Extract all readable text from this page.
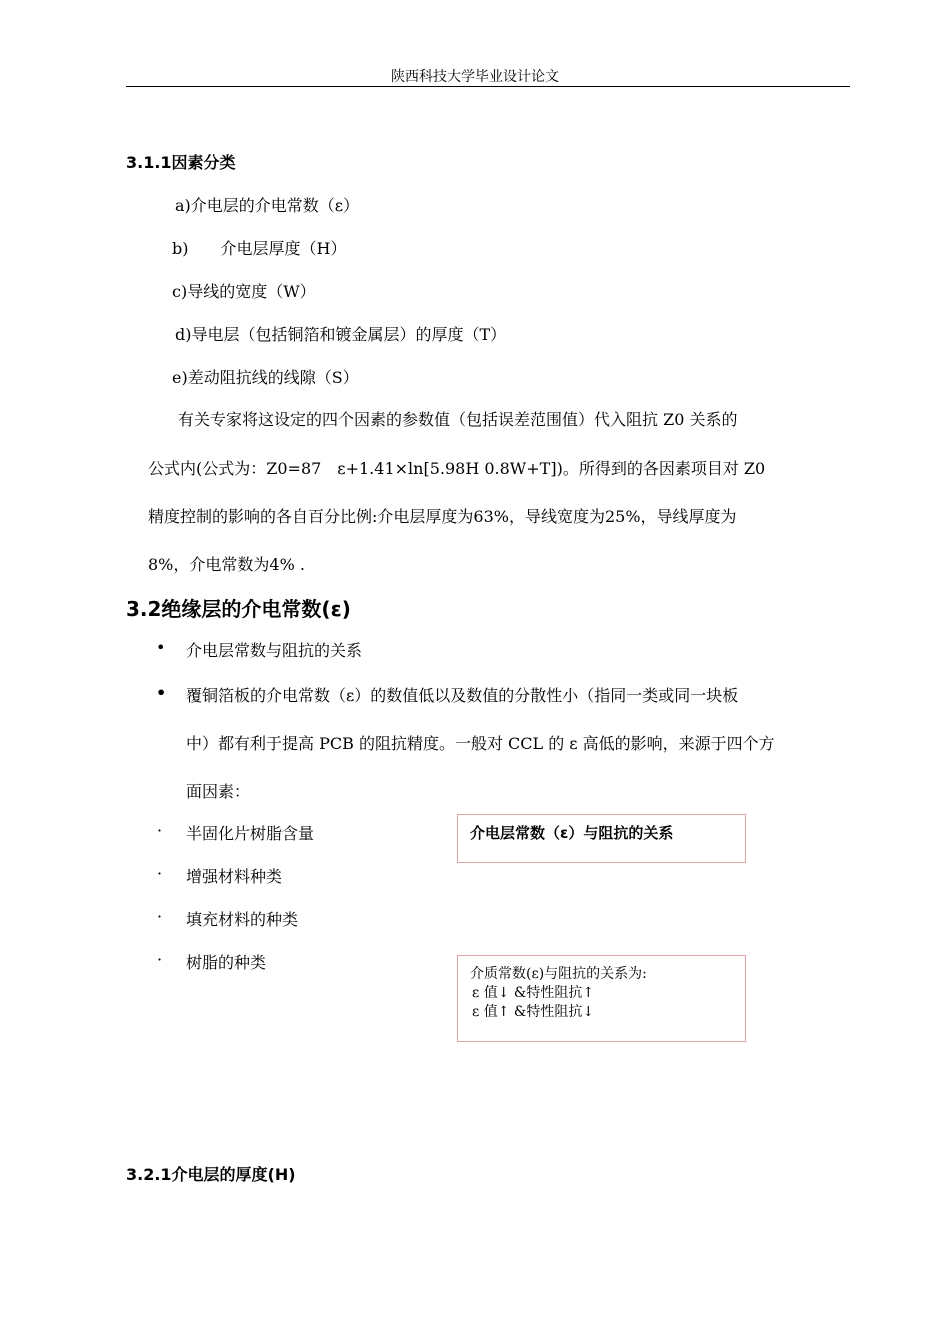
陕西科技大学毕业设计论文
3.1.1因素分类
a)介电层的介电常数（ε）
b)　　介电层厚度（H）
c)导线的宽度（W）
d)导电层（包括铜箔和镀金属层）的厚度（T）
e)差动阻抗线的线隙（S）
有关专家将这设定的四个因素的参数值（包括误差范围值）代入阻抗 Z0 关系的
公式内(公式为：Z0=87　ε+1.41×ln[5.98H 0.8W+T])。所得到的各因素项目对 Z0
精度控制的影响的各自百分比例:介电层厚度为63%，导线宽度为25%，导线厚度为
8%，介电常数为4% .
3.2绝缘层的介电常数(ε)
• 介电层常数与阻抗的关系
• 覆铜箔板的介电常数（ε）的数值低以及数值的分散性小（指同一类或同一块板
中）都有利于提高 PCB 的阻抗精度。一般对 CCL 的 ε 高低的影响，来源于四个方
面因素：
· 半固化片树脂含量
· 增强材料种类
· 填充材料的种类
· 树脂的种类
介电层常数（ε）与阻抗的关系
介质常数(ε)与阻抗的关系为:
ε 值↓ &特性阻抗↑
ε 值↑ &特性阻抗↓
3.2.1介电层的厚度(H)
